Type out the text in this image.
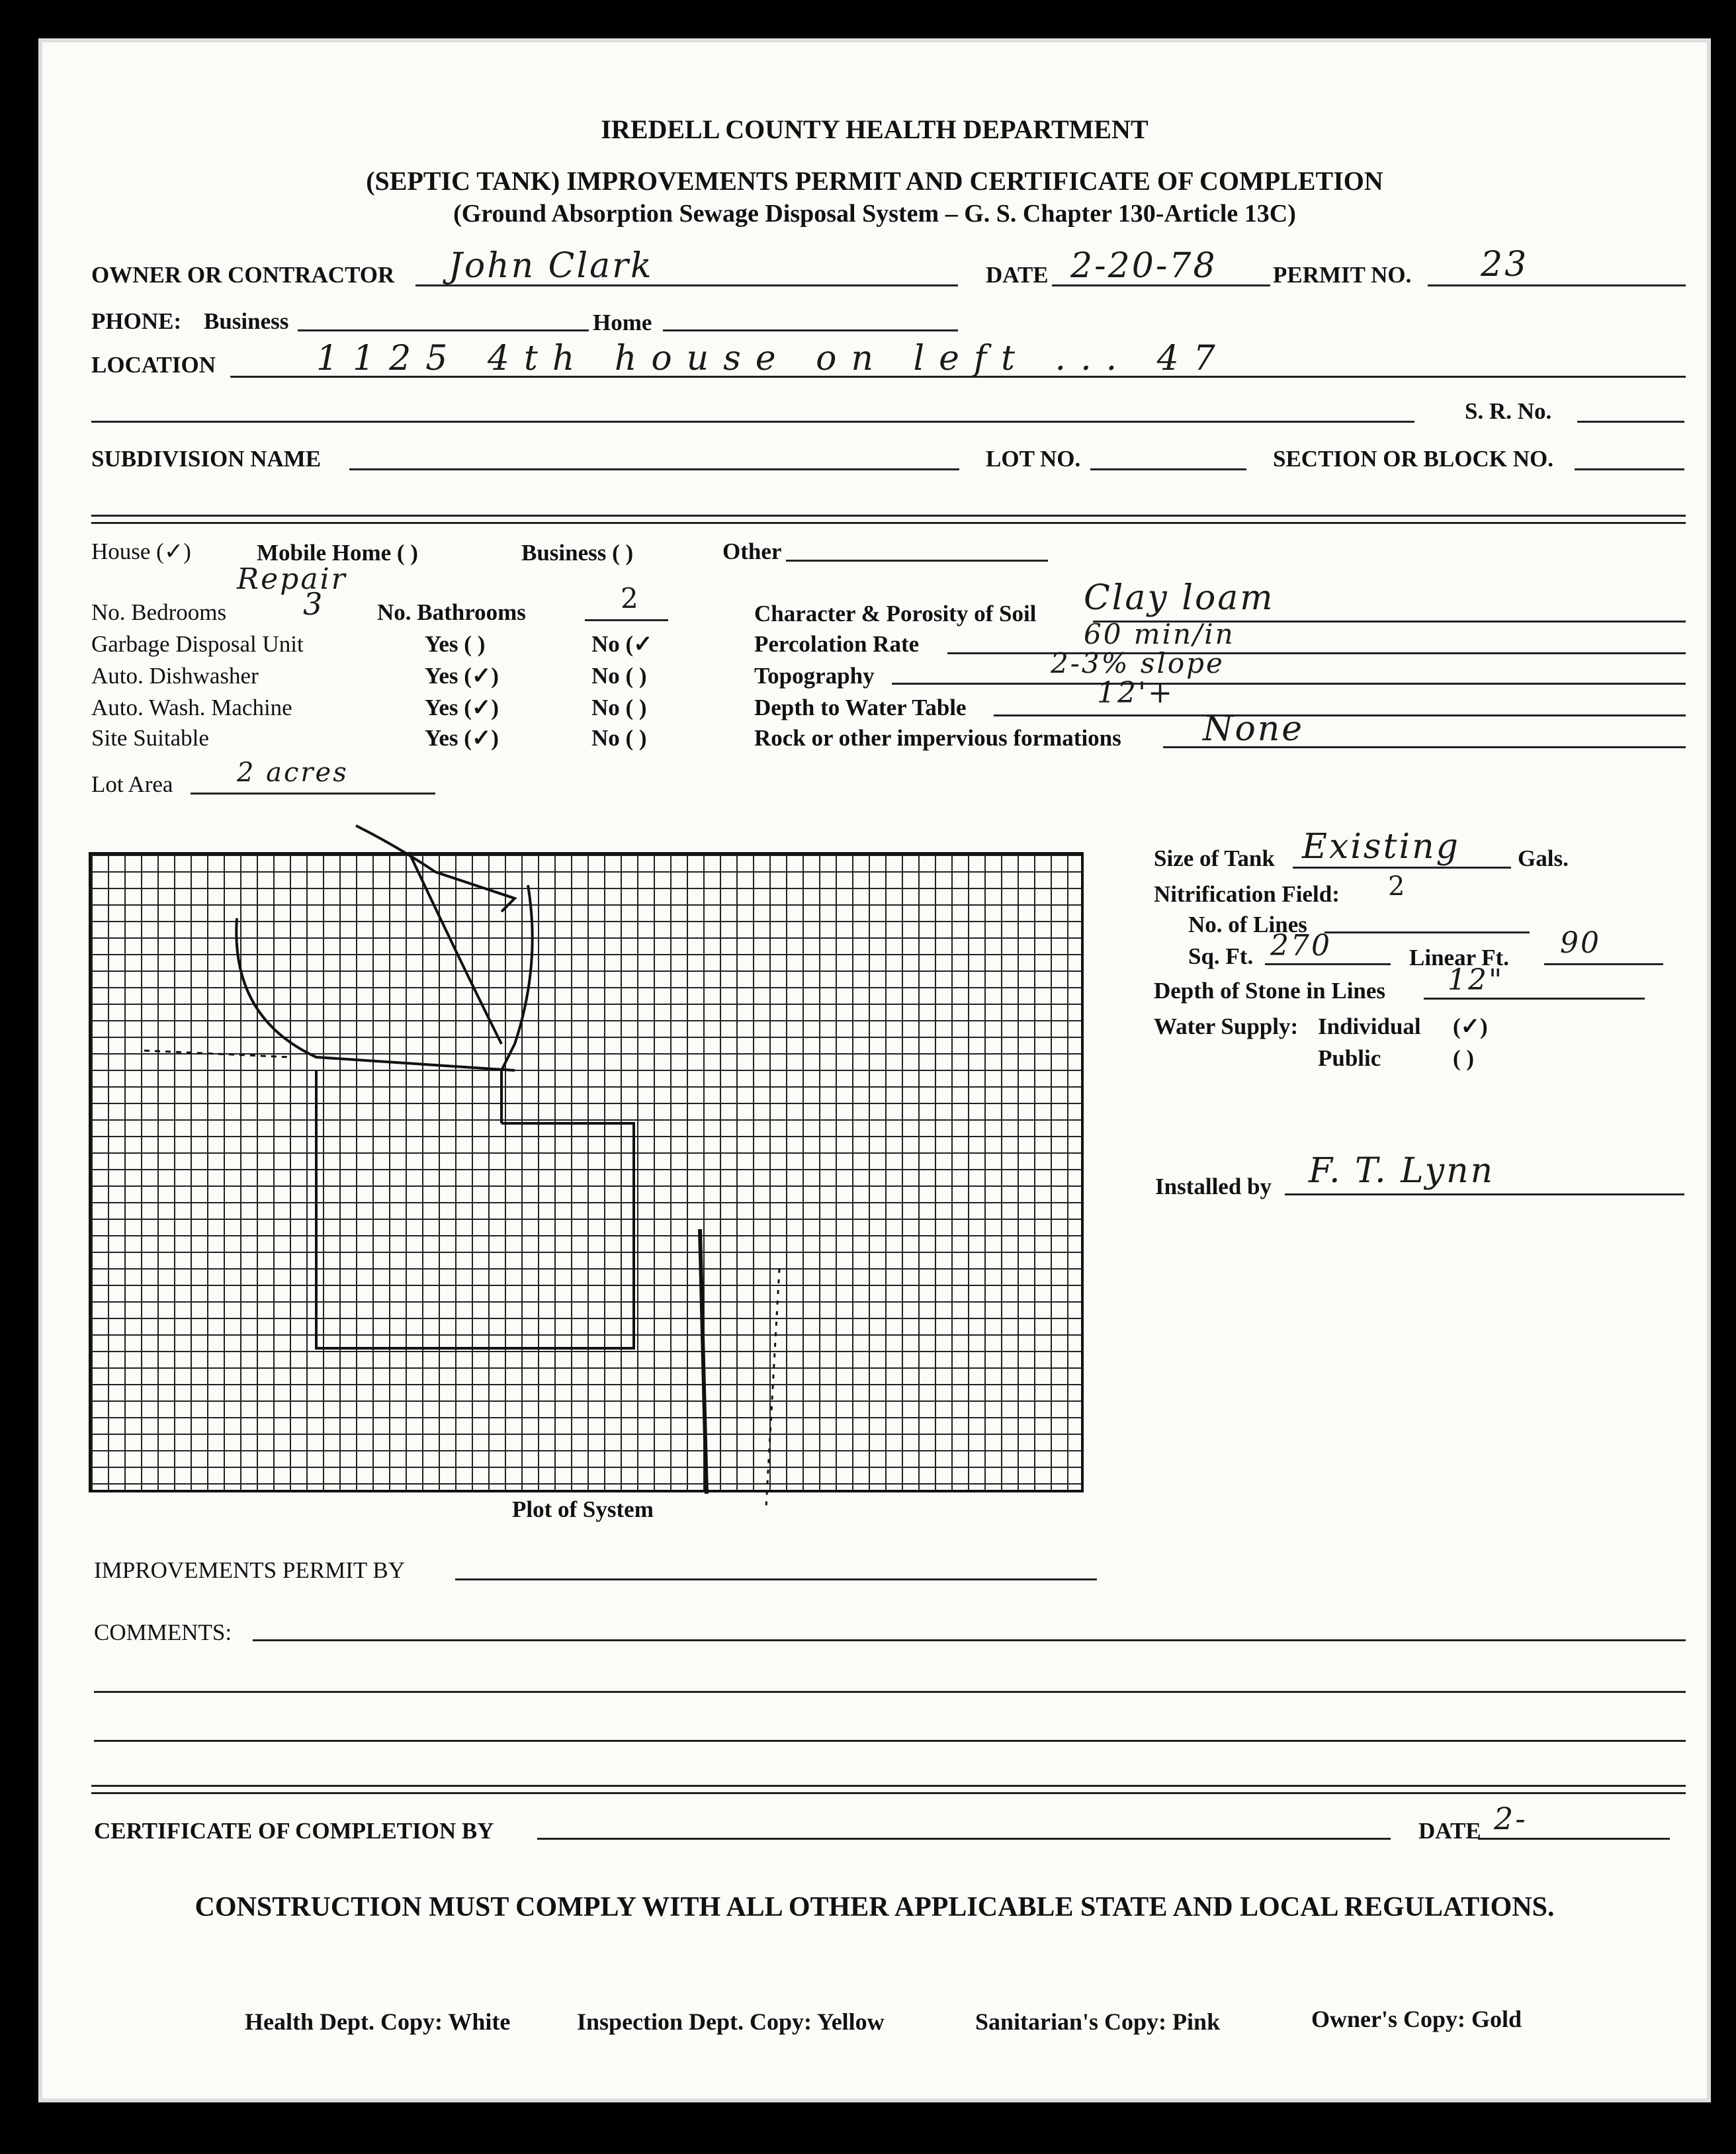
IREDELL COUNTY HEALTH DEPARTMENT
(SEPTIC TANK) IMPROVEMENTS PERMIT AND CERTIFICATE OF COMPLETION
(Ground Absorption Sewage Disposal System – G. S. Chapter 130-Article 13C)
OWNER OR CONTRACTOR John Clark	DATE 2-20-78 PERMIT NO. 23
PHONE: Business	Home
LOCATION	1125 4th house on left ... 47
S. R. No.
SUBDIVISION NAME	LOT NO.	SECTION OR BLOCK NO.
House (✓)	Mobile Home ( )	Business ( )	Other
Repair
No. Bedrooms	3 No. Bathrooms	2
Garbage Disposal Unit	Yes ( )	No (✓
Auto. Dishwasher	Yes (✓)	No ( )
Auto. Wash. Machine	Yes (✓)	No ( )
Site Suitable	Yes (✓)	No ( )
Character & Porosity of Soil Clay loam
Percolation Rate	60 min/in
Topography	2-3% slope
Depth to Water Table	12'+
Rock or other impervious formations None
Lot Area 2 acres
Plot of System
Size of Tank Existing Gals.
Nitrification Field: 2
No. of Lines
Sq. Ft. 270	Linear Ft. 90
Depth of Stone in Lines 12"
Water Supply: Individual (✓)
Public	( )
Installed by F. T. Lynn
IMPROVEMENTS PERMIT BY
COMMENTS:
CERTIFICATE OF COMPLETION BY	DATE 2-
CONSTRUCTION MUST COMPLY WITH ALL OTHER APPLICABLE STATE AND LOCAL REGULATIONS.
Health Dept. Copy: White	Inspection Dept. Copy: Yellow	Sanitarian's Copy: Pink	Owner's Copy: Gold
